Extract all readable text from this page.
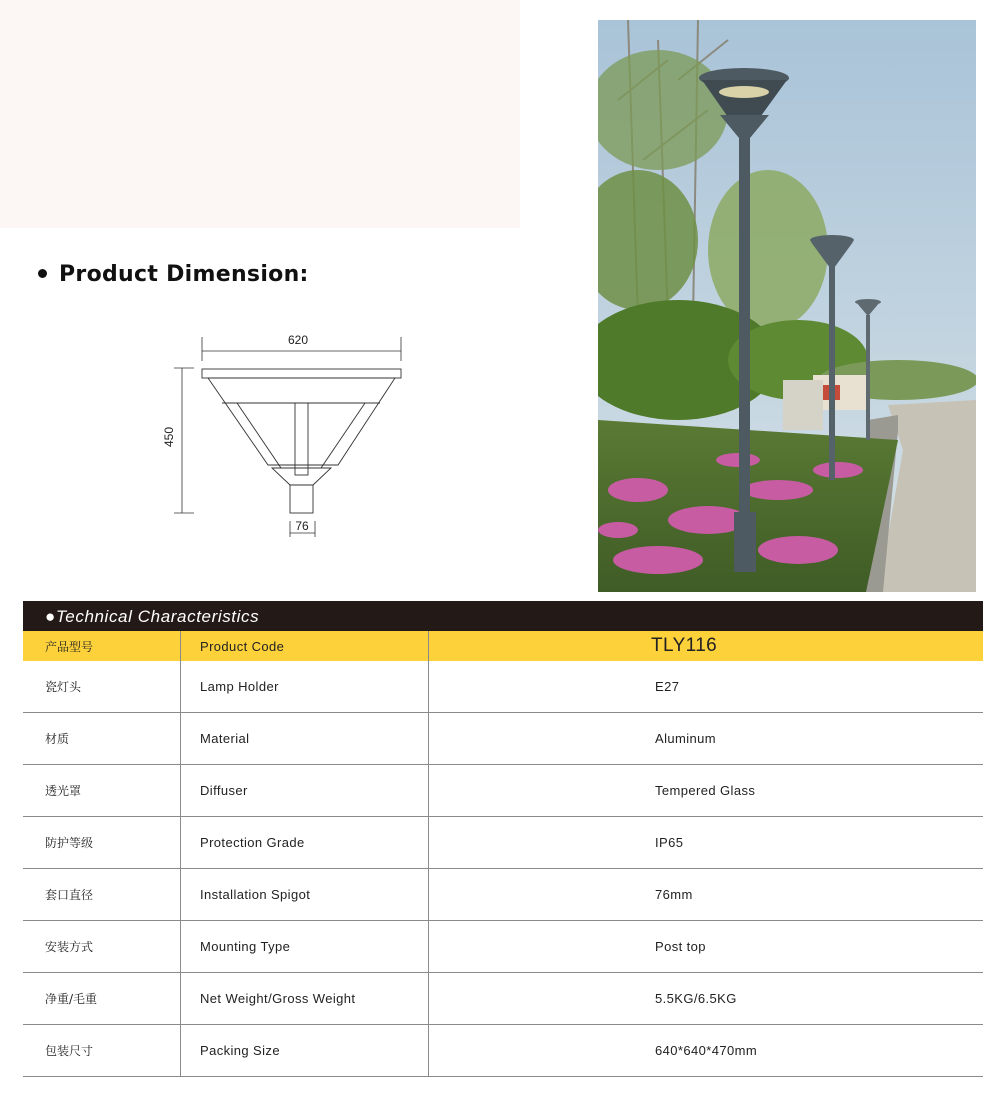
Product Dimension:
620
450
76
●Technical Characteristics
产品型号	Product Code	TLY116
瓷灯头	Lamp Holder	E27
材质	Material	Aluminum
透光罩	Diffuser	Tempered Glass
防护等级	Protection Grade	IP65
套口直径	Installation Spigot	76mm
安装方式	Mounting Type	Post top
净重/毛重	Net Weight/Gross Weight	5.5KG/6.5KG
包装尺寸	Packing Size	640*640*470mm
